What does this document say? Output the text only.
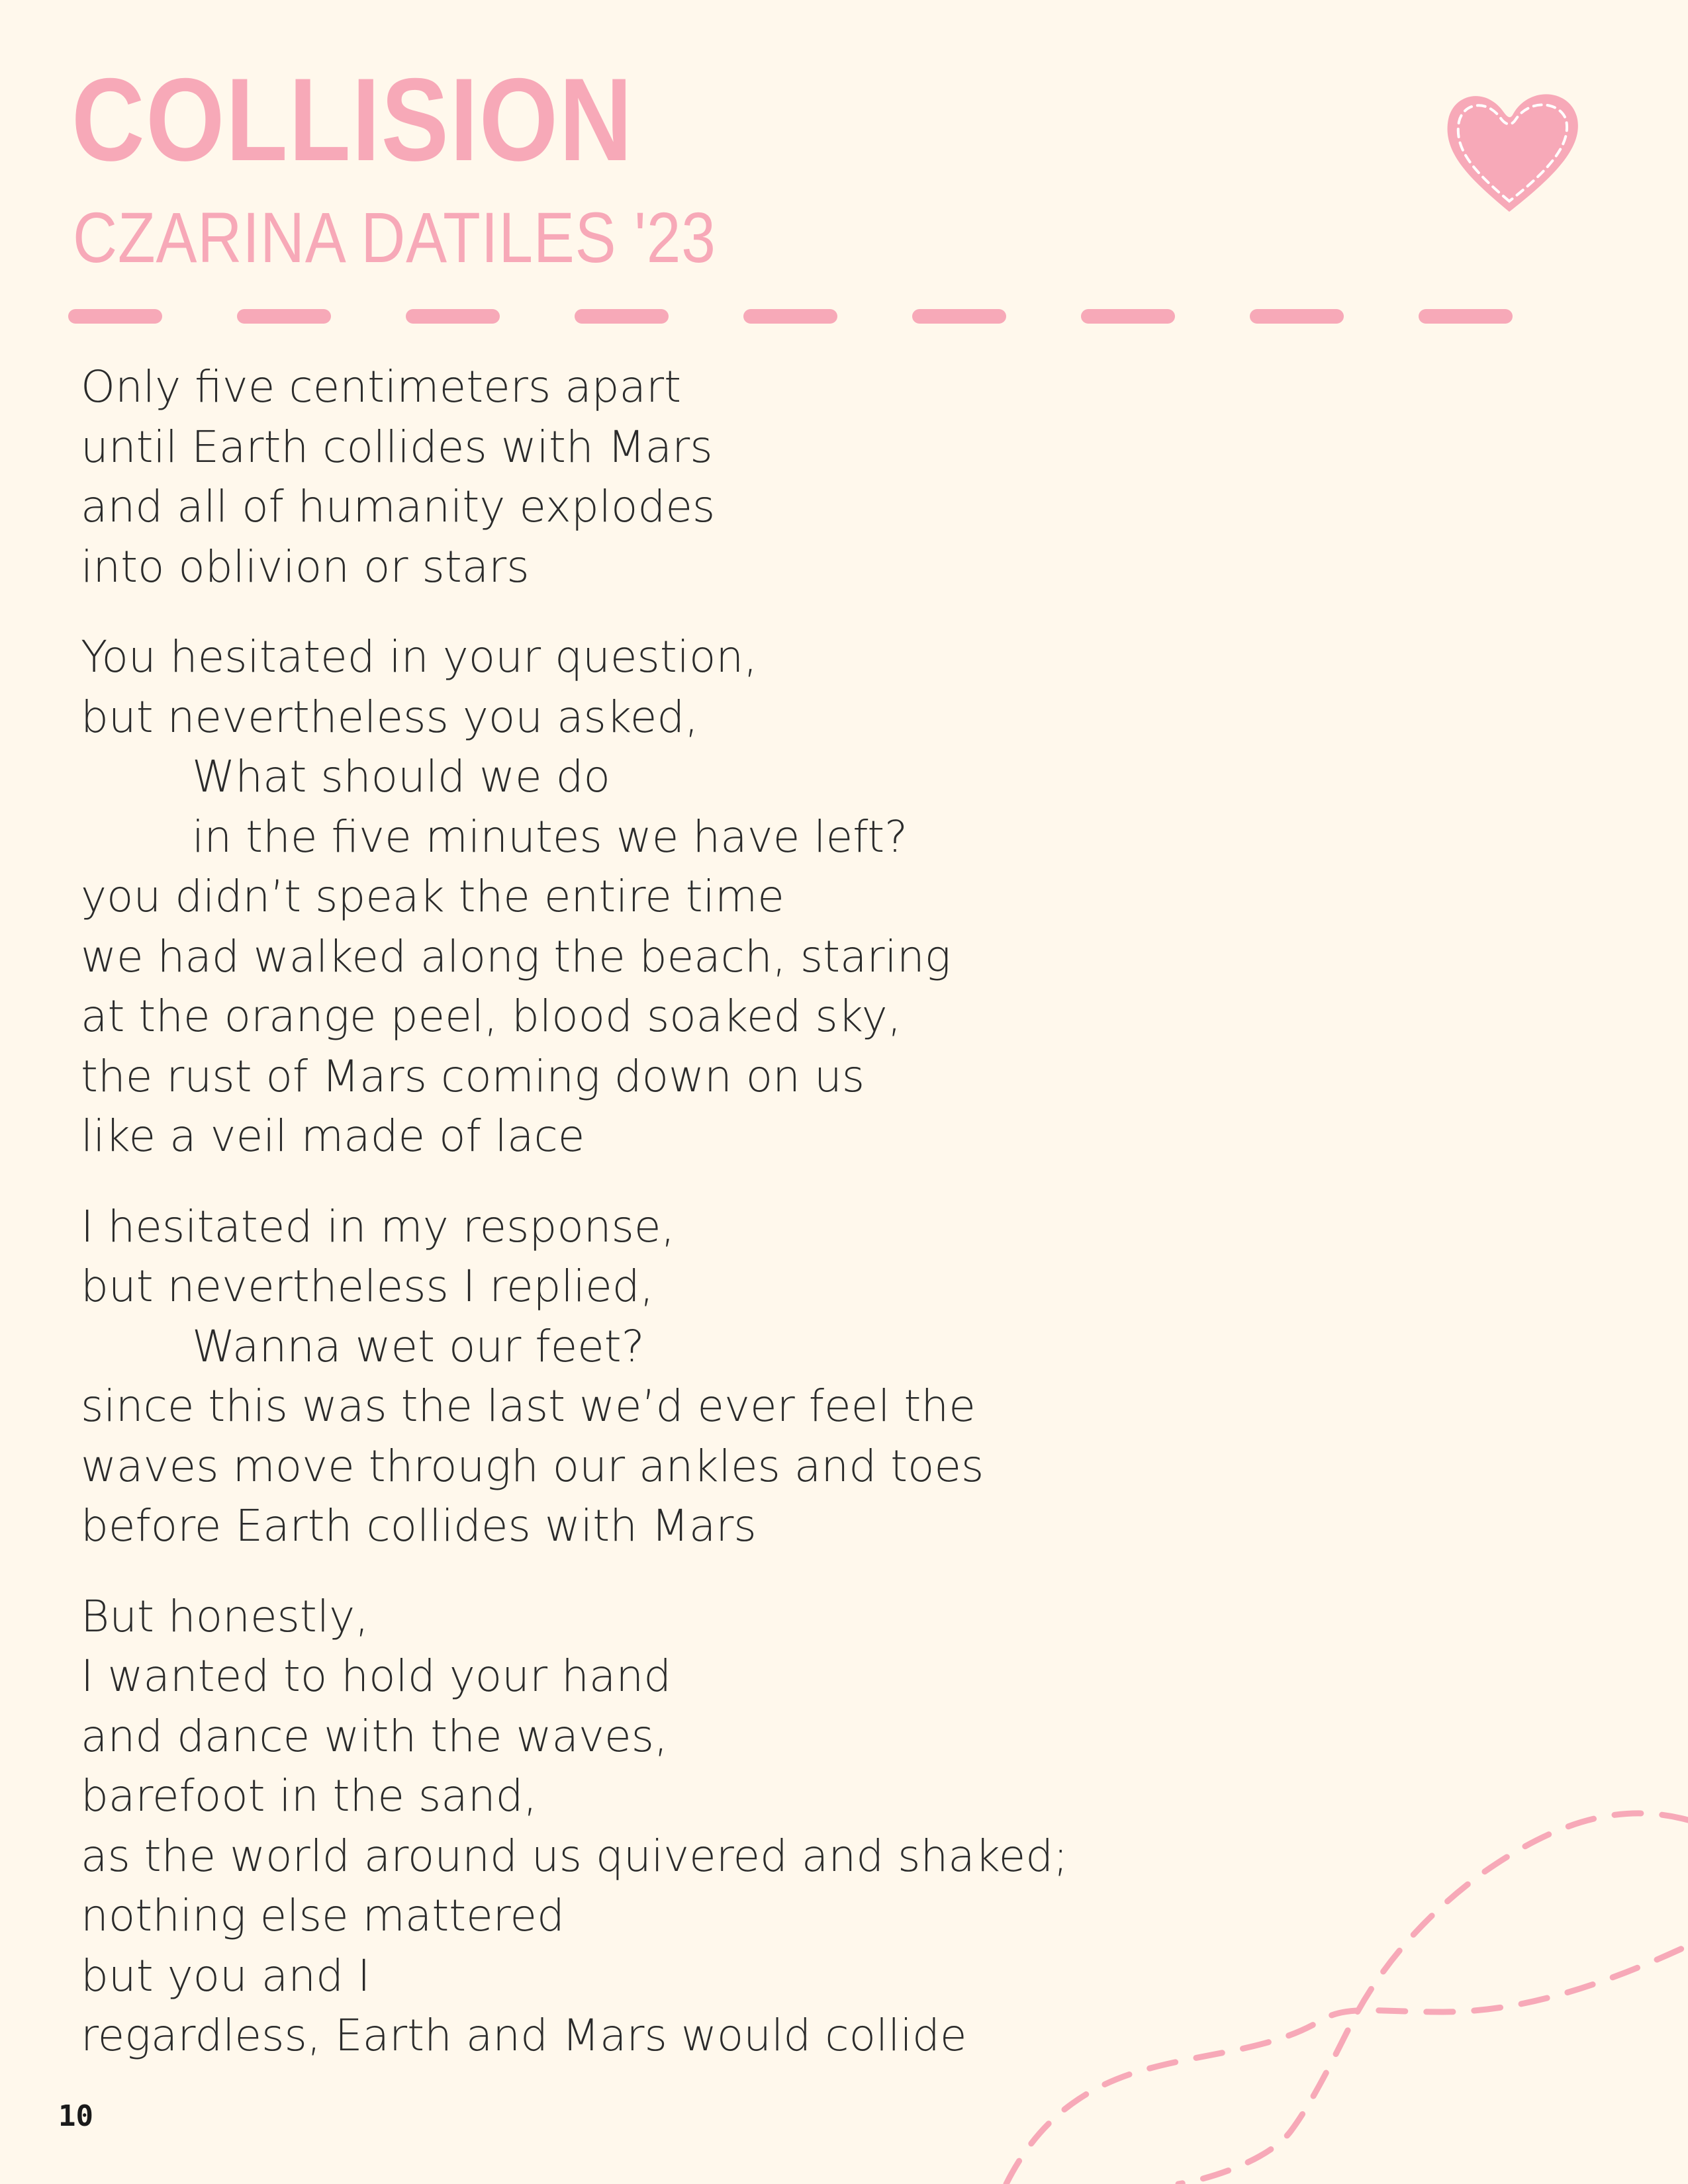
COLLISION
CZARINA DATILES '23
Only five centimeters apart
until Earth collides with Mars
and all of humanity explodes
into oblivion or stars
You hesitated in your question,
but nevertheless you asked,
What should we do
in the five minutes we have left?
you didn’t speak the entire time
we had walked along the beach, staring
at the orange peel, blood soaked sky,
the rust of Mars coming down on us
like a veil made of lace
I hesitated in my response,
but nevertheless I replied,
Wanna wet our feet?
since this was the last we’d ever feel the
waves move through our ankles and toes
before Earth collides with Mars
But honestly,
I wanted to hold your hand
and dance with the waves,
barefoot in the sand,
as the world around us quivered and shaked;
nothing else mattered
but you and I
regardless, Earth and Mars would collide
10
